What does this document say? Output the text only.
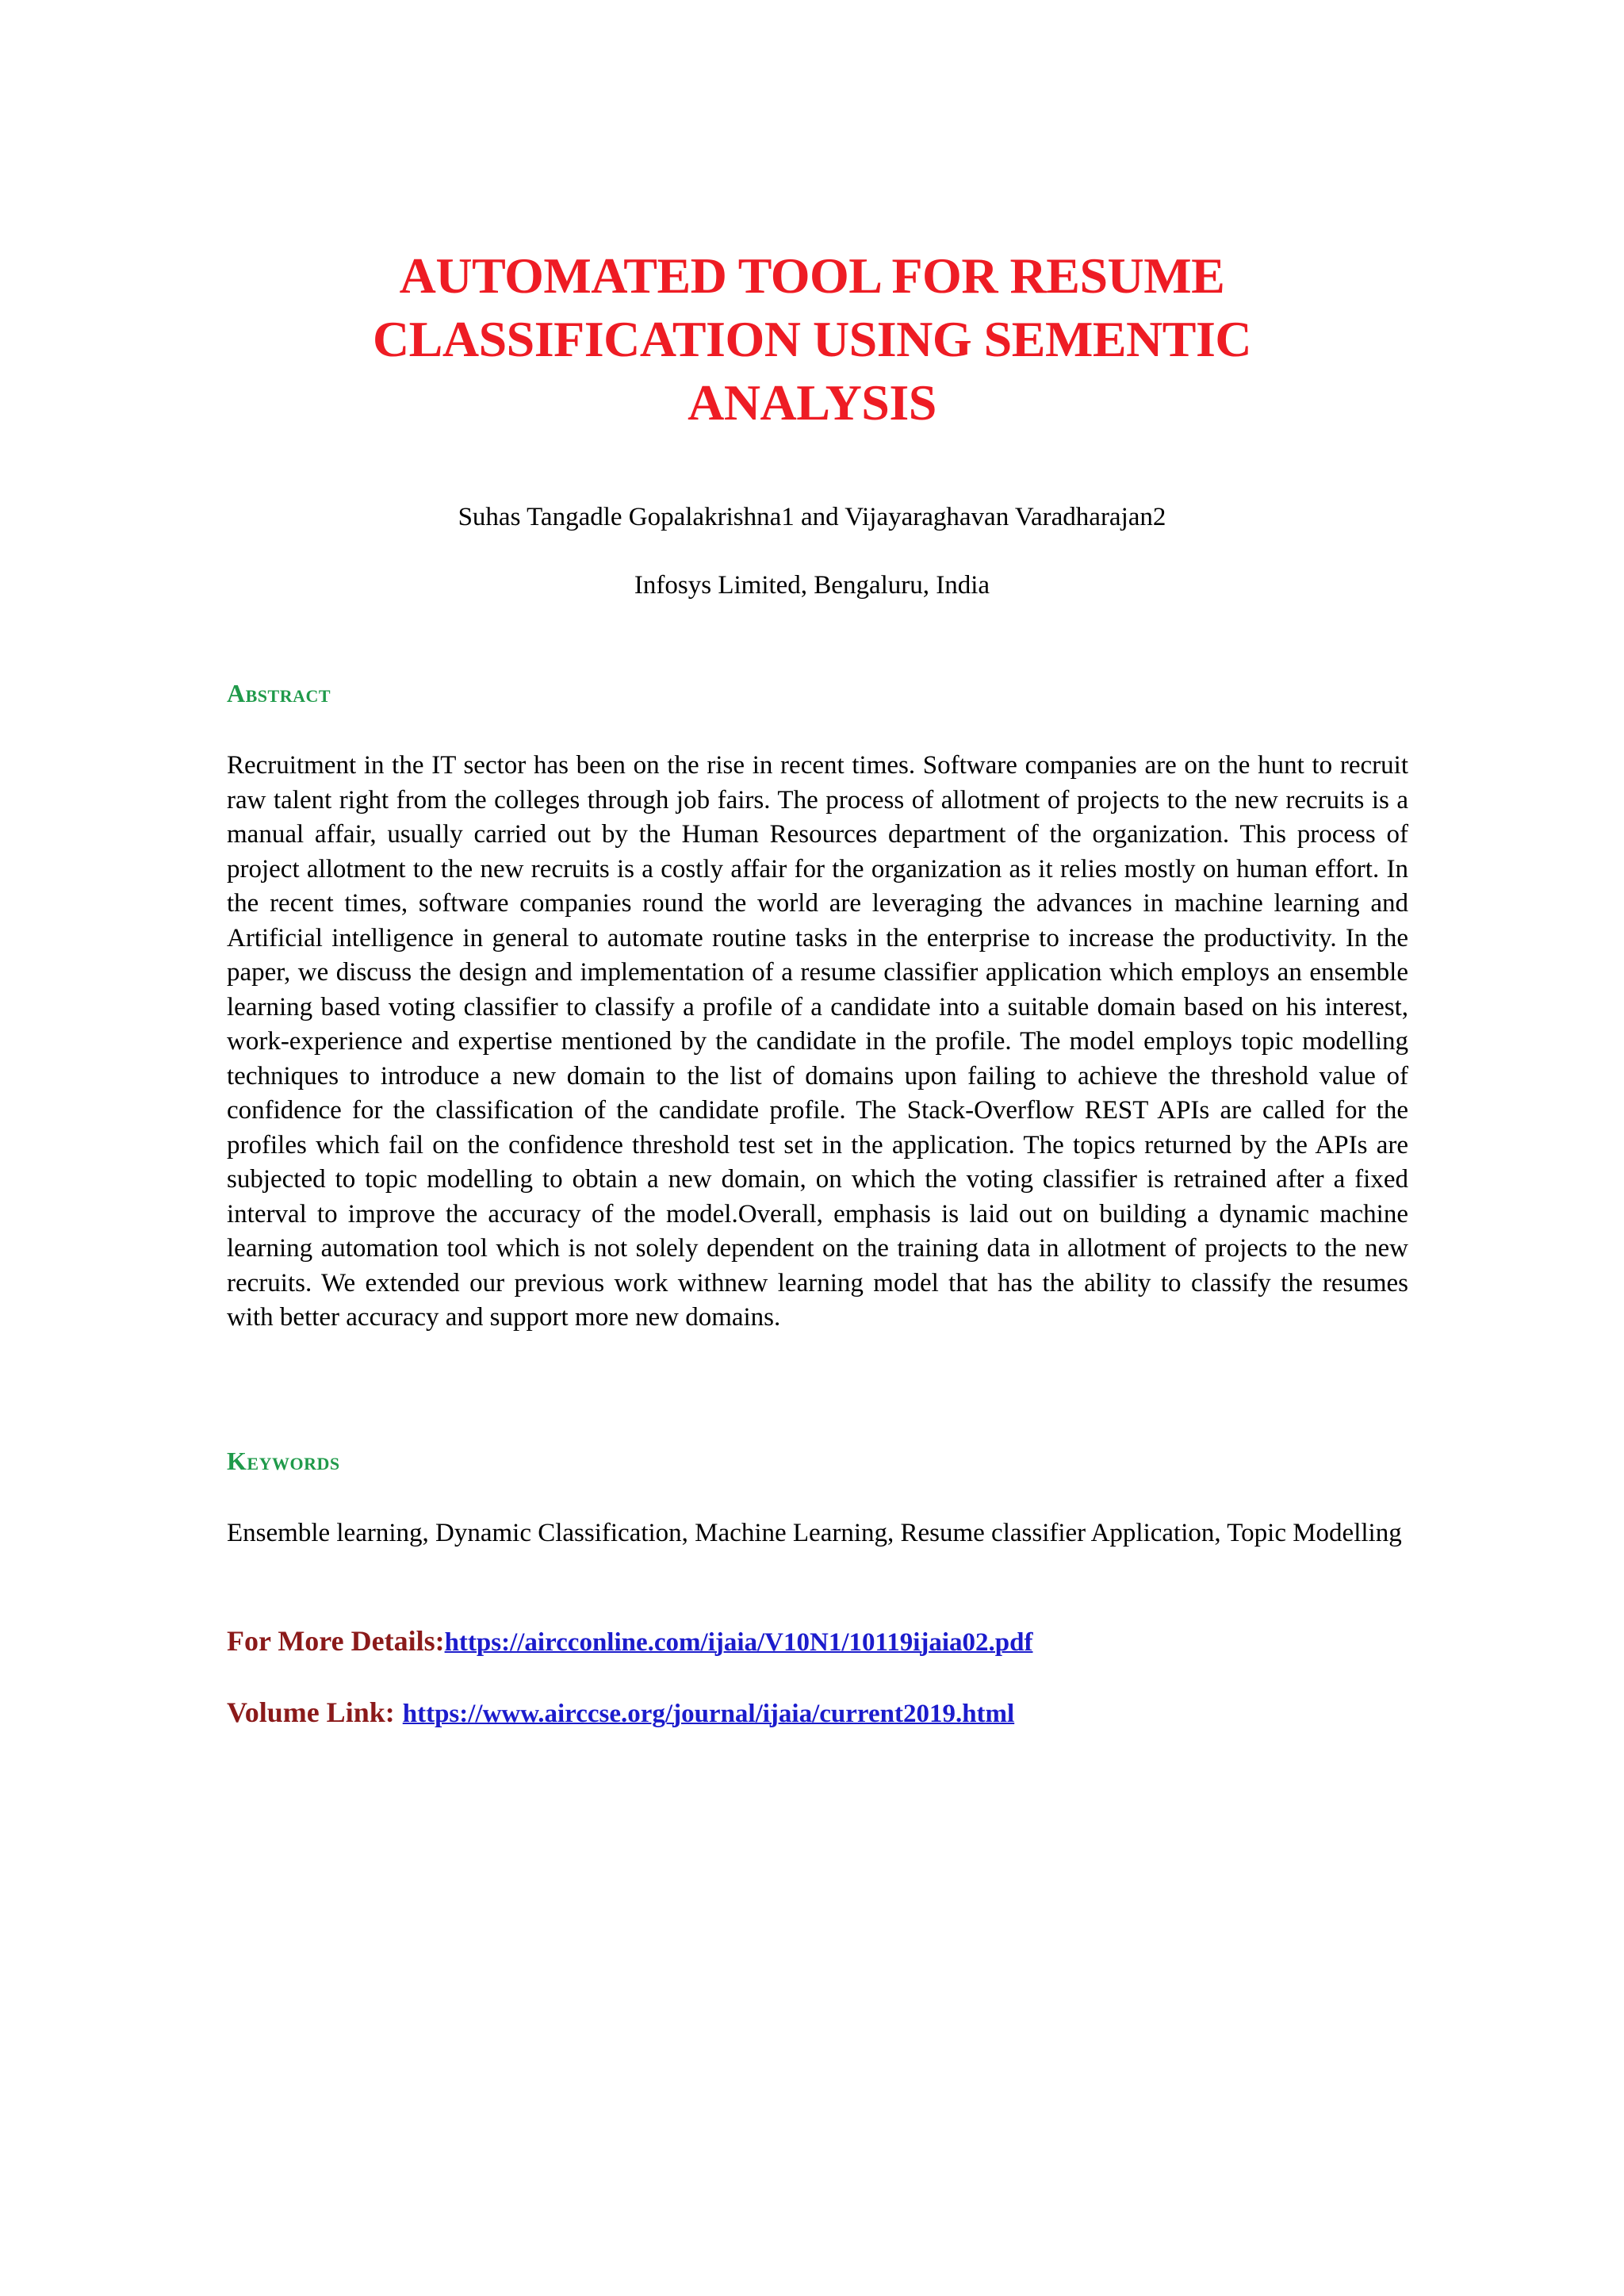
AUTOMATED TOOL FOR RESUME
CLASSIFICATION USING SEMENTIC
ANALYSIS

Suhas Tangadle Gopalakrishna1 and Vijayaraghavan Varadharajan2

Infosys Limited, Bengaluru, India

Abstract

Recruitment in the IT sector has been on the rise in recent times. Software companies are on the hunt to recruit raw talent right from the colleges through job fairs. The process of allotment of projects to the new recruits is a manual affair, usually carried out by the Human Resources department of the organization. This process of project allotment to the new recruits is a costly affair for the organization as it relies mostly on human effort. In the recent times, software companies round the world are leveraging the advances in machine learning and Artificial intelligence in general to automate routine tasks in the enterprise to increase the productivity. In the paper, we discuss the design and implementation of a resume classifier application which employs an ensemble learning based voting classifier to classify a profile of a candidate into a suitable domain based on his interest, work-experience and expertise mentioned by the candidate in the profile. The model employs topic modelling techniques to introduce a new domain to the list of domains upon failing to achieve the threshold value of confidence for the classification of the candidate profile. The Stack-Overflow REST APIs are called for the profiles which fail on the confidence threshold test set in the application. The topics returned by the APIs are subjected to topic modelling to obtain a new domain, on which the voting classifier is retrained after a fixed interval to improve the accuracy of the model.Overall, emphasis is laid out on building a dynamic machine learning automation tool which is not solely dependent on the training data in allotment of projects to the new recruits. We extended our previous work withnew learning model that has the ability to classify the resumes with better accuracy and support more new domains.

Keywords

Ensemble learning, Dynamic Classification, Machine Learning, Resume classifier Application, Topic Modelling

For More Details:https://aircconline.com/ijaia/V10N1/10119ijaia02.pdf

Volume Link: https://www.airccse.org/journal/ijaia/current2019.html
